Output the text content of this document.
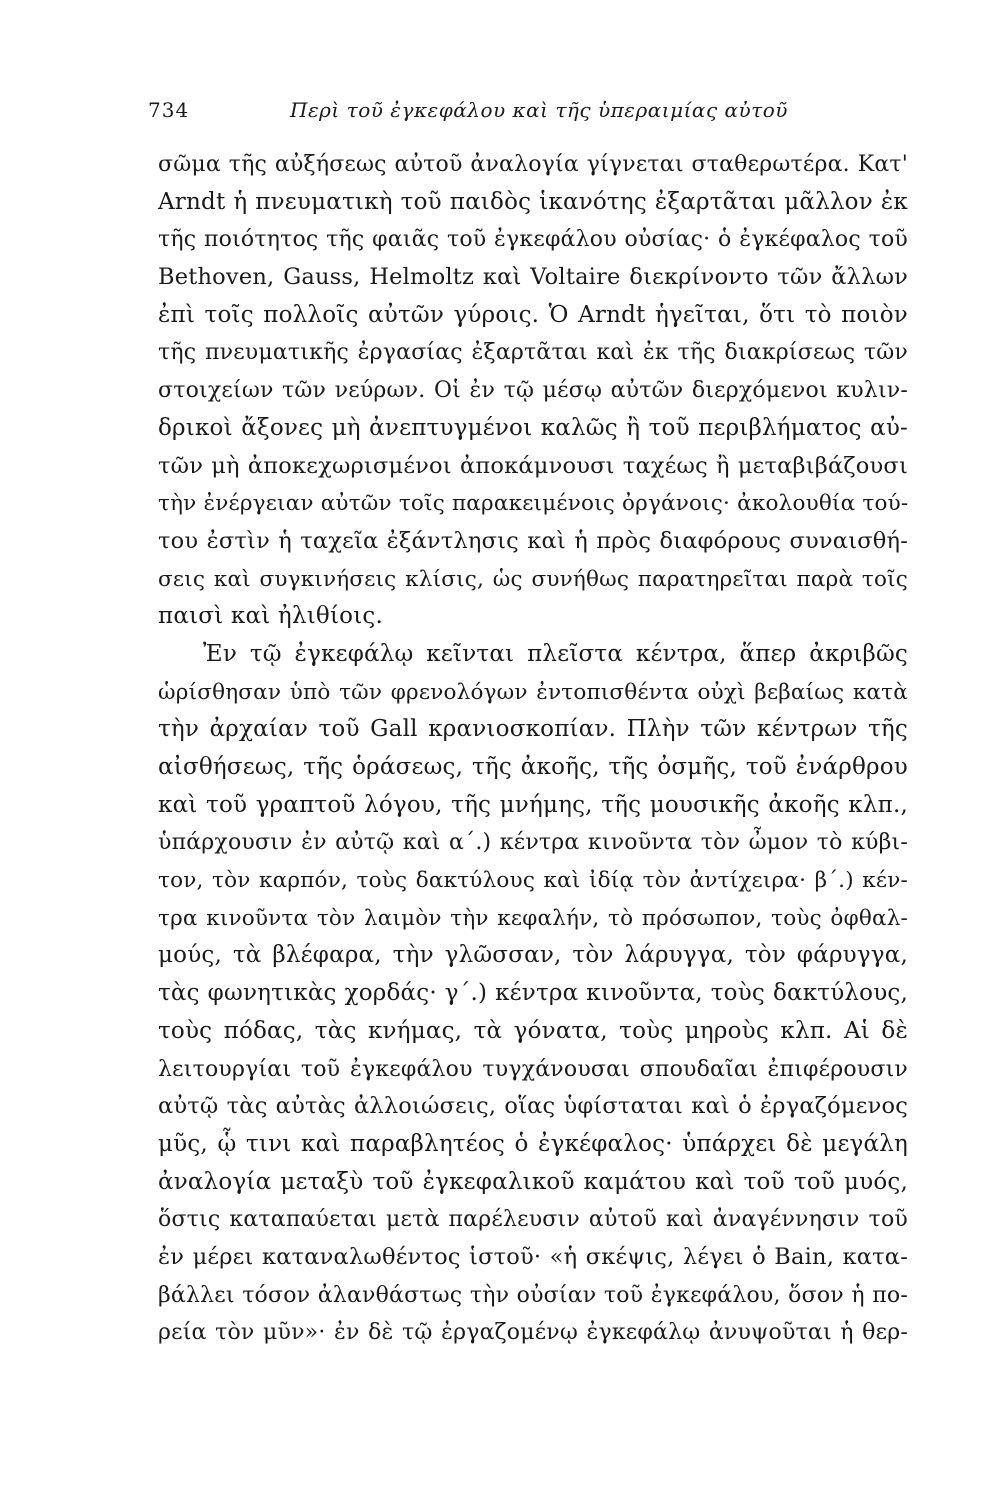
734	Περὶ τοῦ ἐγκεφάλου καὶ τῆς ὑπεραιμίας αὐτοῦ
σῶμα τῆς αὐξήσεως αὐτοῦ ἀναλογία γίγνεται σταθερωτέρα. Κατ'
Arndt ἡ πνευματικὴ τοῦ παιδὸς ἱκανότης ἐξαρτᾶται μᾶλλον ἐκ
τῆς ποιότητος τῆς φαιᾶς τοῦ ἐγκεφάλου οὐσίας· ὁ ἐγκέφαλος τοῦ
Bethoven, Gauss, Helmoltz καὶ Voltaire διεκρίνοντο τῶν ἄλλων
ἐπὶ τοῖς πολλοῖς αὐτῶν γύροις. Ὁ Arndt ἡγεῖται, ὅτι τὸ ποιὸν
τῆς πνευματικῆς ἐργασίας ἐξαρτᾶται καὶ ἐκ τῆς διακρίσεως τῶν
στοιχείων τῶν νεύρων. Οἱ ἐν τῷ μέσῳ αὐτῶν διερχόμενοι κυλιν-
δρικοὶ ἄξονες μὴ ἀνεπτυγμένοι καλῶς ἢ τοῦ περιβλήματος αὐ-
τῶν μὴ ἀποκεχωρισμένοι ἀποκάμνουσι ταχέως ἢ μεταβιβάζουσι
τὴν ἐνέργειαν αὐτῶν τοῖς παρακειμένοις ὀργάνοις· ἀκολουθία τού-
του ἐστὶν ἡ ταχεῖα ἐξάντλησις καὶ ἡ πρὸς διαφόρους συναισθή-
σεις καὶ συγκινήσεις κλίσις, ὡς συνήθως παρατηρεῖται παρὰ τοῖς
παισὶ καὶ ἠλιθίοις.
Ἐν τῷ ἐγκεφάλῳ κεῖνται πλεῖστα κέντρα, ἅπερ ἀκριβῶς
ὡρίσθησαν ὑπὸ τῶν φρενολόγων ἐντοπισθέντα οὐχὶ βεβαίως κατὰ
τὴν ἀρχαίαν τοῦ Gall κρανιοσκοπίαν. Πλὴν τῶν κέντρων τῆς
αἰσθήσεως, τῆς ὁράσεως, τῆς ἀκοῆς, τῆς ὀσμῆς, τοῦ ἐνάρθρου
καὶ τοῦ γραπτοῦ λόγου, τῆς μνήμης, τῆς μουσικῆς ἀκοῆς κλπ.,
ὑπάρχουσιν ἐν αὐτῷ καὶ α΄.) κέντρα κινοῦντα τὸν ὦμον τὸ κύβι-
τον, τὸν καρπόν, τοὺς δακτύλους καὶ ἰδίᾳ τὸν ἀντίχειρα· β΄.) κέν-
τρα κινοῦντα τὸν λαιμὸν τὴν κεφαλήν, τὸ πρόσωπον, τοὺς ὀφθαλ-
μούς, τὰ βλέφαρα, τὴν γλῶσσαν, τὸν λάρυγγα, τὸν φάρυγγα,
τὰς φωνητικὰς χορδάς· γ΄.) κέντρα κινοῦντα, τοὺς δακτύλους,
τοὺς πόδας, τὰς κνήμας, τὰ γόνατα, τοὺς μηροὺς κλπ. Αἱ δὲ
λειτουργίαι τοῦ ἐγκεφάλου τυγχάνουσαι σπουδαῖαι ἐπιφέρουσιν
αὐτῷ τὰς αὐτὰς ἀλλοιώσεις, οἵας ὑφίσταται καὶ ὁ ἐργαζόμενος
μῦς, ᾧ τινι καὶ παραβλητέος ὁ ἐγκέφαλος· ὑπάρχει δὲ μεγάλη
ἀναλογία μεταξὺ τοῦ ἐγκεφαλικοῦ καμάτου καὶ τοῦ τοῦ μυός,
ὅστις καταπαύεται μετὰ παρέλευσιν αὐτοῦ καὶ ἀναγέννησιν τοῦ
ἐν μέρει καταναλωθέντος ἱστοῦ· «ἡ σκέψις, λέγει ὁ Bain, κατα-
βάλλει τόσον ἀλανθάστως τὴν οὐσίαν τοῦ ἐγκεφάλου, ὅσον ἡ πο-
ρεία τὸν μῦν»· ἐν δὲ τῷ ἐργαζομένῳ ἐγκεφάλῳ ἀνυψοῦται ἡ θερ-
